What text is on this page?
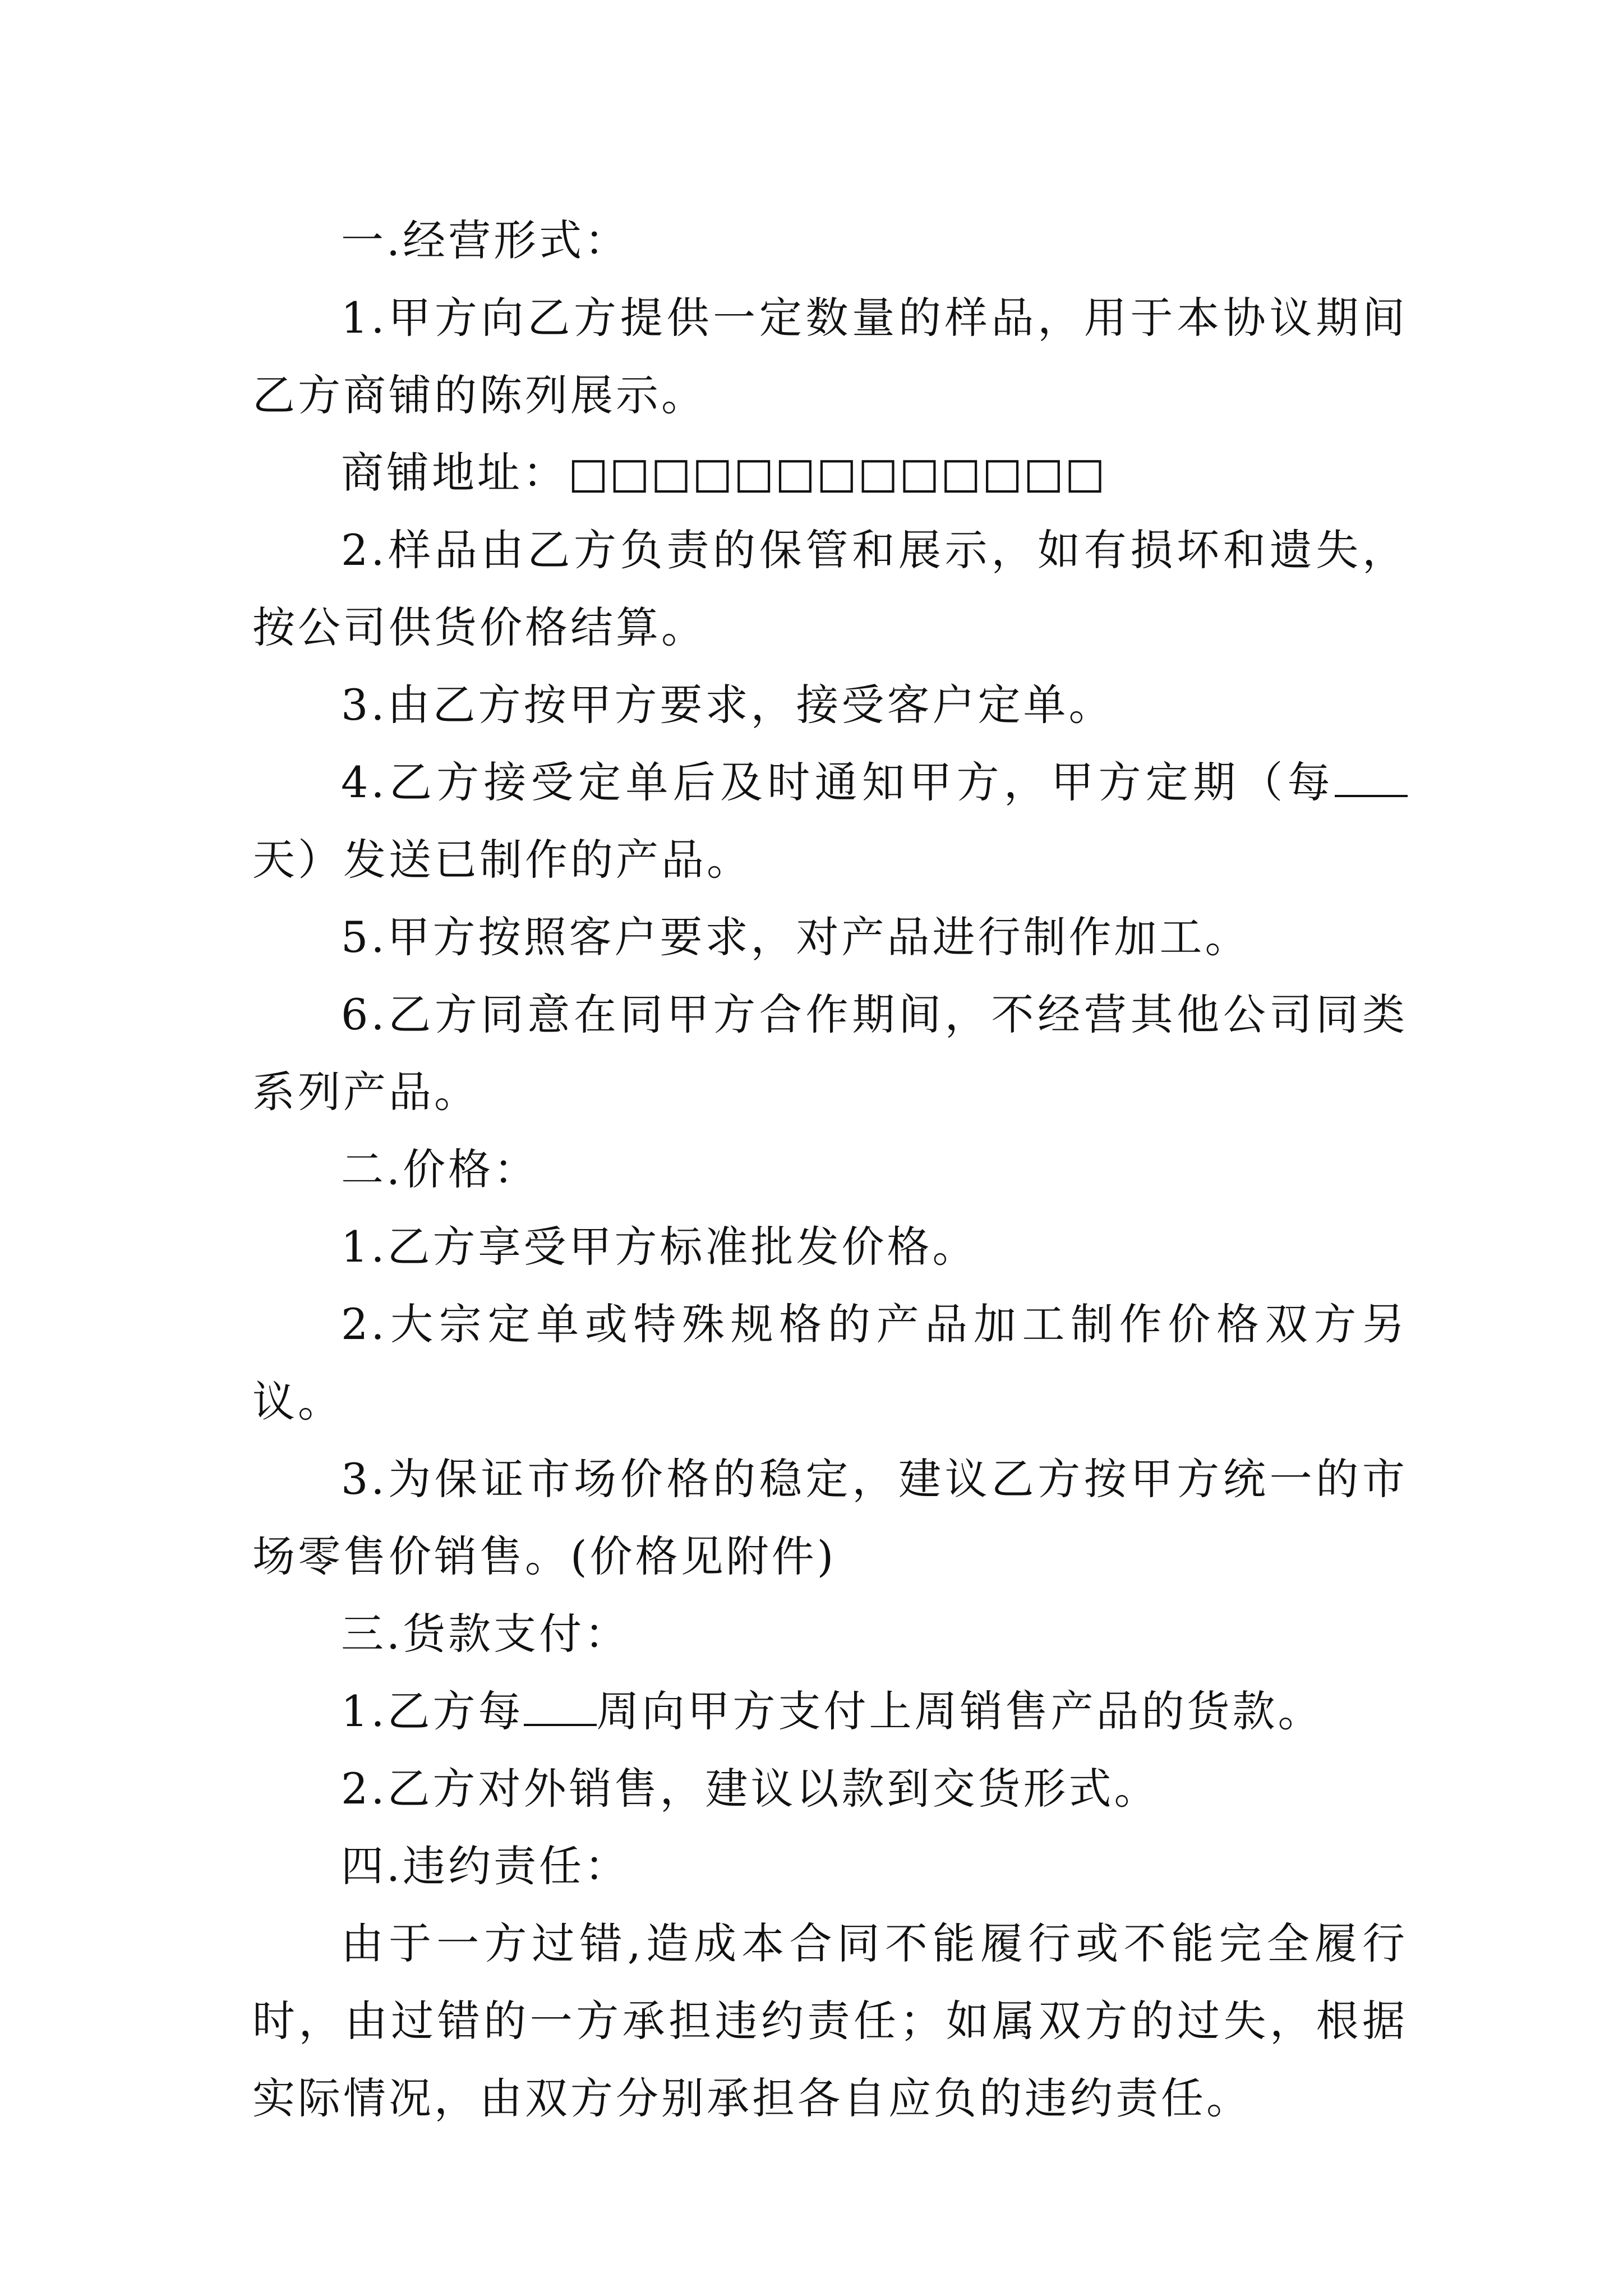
一.经营形式：

1.甲方向乙方提供一定数量的样品，用于本协议期间乙方商铺的陈列展示。

商铺地址：□□□□□□□□□□□□□

2.样品由乙方负责的保管和展示，如有损坏和遗失，按公司供货价格结算。

3.由乙方按甲方要求，接受客户定单。

4.乙方接受定单后及时通知甲方，甲方定期（每天）发送已制作的产品。

5.甲方按照客户要求，对产品进行制作加工。

6.乙方同意在同甲方合作期间，不经营其他公司同类系列产品。

二.价格：

1.乙方享受甲方标准批发价格。

2.大宗定单或特殊规格的产品加工制作价格双方另议。

3.为保证市场价格的稳定，建议乙方按甲方统一的市场零售价销售。(价格见附件)

三.货款支付：

1.乙方每 周向甲方支付上周销售产品的货款。

2.乙方对外销售，建议以款到交货形式。

四.违约责任：

由于一方过错,造成本合同不能履行或不能完全履行时，由过错的一方承担违约责任；如属双方的过失，根据实际情况，由双方分别承担各自应负的违约责任。
